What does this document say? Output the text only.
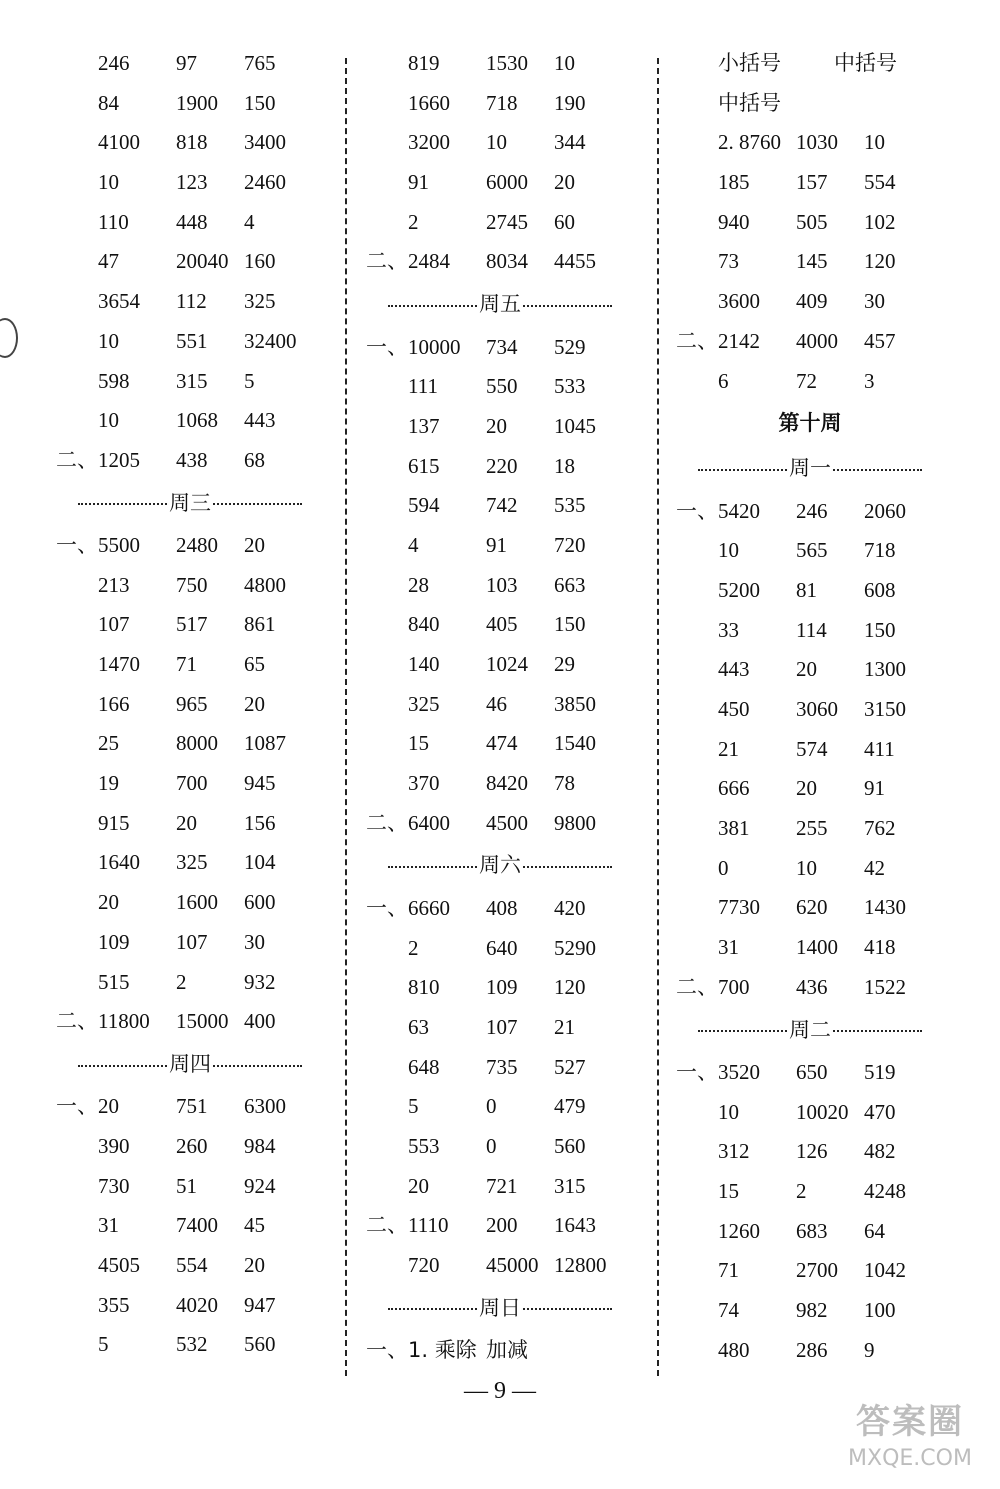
246 97 765
84	1900 150
4100 818 3400
10	123 2460
110 448 4
47	20040 160
3654 112 325
10	551 32400
598 315 5
10	1068 443
二、 1205 438 68
周三
一、 5500 2480 20
213 750 4800
107 517 861
1470 71 65
166 965 20
25	8000 1087
19	700 945
915 20 156
1640 325 104
20	1600 600
109 107 30
515 2	932
二、 11800 15000 400
周四
一、 20	751 6300
390 260 984
730 51 924
31	7400 45
4505 554 20
355 4020 947
5	532 560
819 1530 10
1660 718 190
3200 10 344
91	6000 20
2	2745 60
二、 2484 8034 4455
周五
一、 10000 734 529
111 550 533
137 20 1045
615 220 18
594 742 535
4	91 720
28	103 663
840 405 150
140 1024 29
325 46 3850
15	474 1540
370 8420 78
二、 6400 4500 9800
周六
一、 6660 408 420
2	640 5290
810 109 120
63	107 21
648 735 527
5	0	479
553 0	560
20	721 315
二、 1110 200 1643
720 45000 12800
周日
一、1. 乘除 加减
小括号	中括号
中括号
2. 8760 1030 10
185 157 554
940 505 102
73	145 120
3600 409 30
二、 2142 4000 457
6	72 3
第十周
周一
一、 5420 246 2060
10	565 718
5200 81 608
33	114 150
443 20 1300
450 3060 3150
21	574 411
666 20 91
381 255 762
0	10 42
7730 620 1430
31	1400 418
二、 700 436 1522
周二
一、 3520 650 519
10	10020 470
312 126 482
15	2	4248
1260 683 64
71	2700 1042
74	982 100
480 286 9
— 9 —
答案圈
MXQE.COM
